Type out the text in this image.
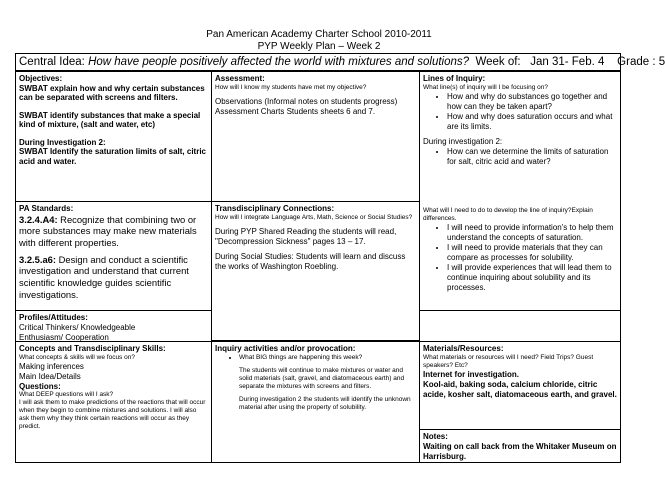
Pan American Academy Charter School 2010-2011
PYP Weekly Plan – Week 2
Central Idea: How have people positively affected the world with mixtures and solutions? Week of: Jan 31- Feb. 4 Grade : 5
Objectives:
SWBAT explain how and why certain substances can be separated with screens and filters.
SWBAT identify substances that make a special kind of mixture, (salt and water, etc)
During Investigation 2:
SWBAT Identify the saturation limits of salt, citric acid and water.
Assessment:
How will I know my students have met my objective?
Observations (Informal notes on students progress)
Assessment Charts Students sheets 6 and 7.
Lines of Inquiry:
What line(s) of inquiry will I be focusing on?
• How and why do substances go together and how can they be taken apart?
• How and why does saturation occurs and what are its limits.
During investigation 2:
• How can we determine the limits of saturation for salt, citric acid and water?
What will I need to do to develop the line of inquiry?Explain differences.
• I will need to provide information's to help them understand the concepts of saturation.
• I will need to provide materials that they can compare as processes for solubility.
• I will provide experiences that will lead them to continue inquiring about solubility and its processes.
PA Standards:
3.2.4.A4: Recognize that combining two or more substances may make new materials with different properties.
3.2.5.a6: Design and conduct a scientific investigation and understand that current scientific knowledge guides scientific investigations.
Transdisciplinary Connections:
How will I integrate Language Arts, Math, Science or Social Studies?
During PYP Shared Reading the students will read, "Decompression Sickness" pages 13 – 17.
During Social Studies: Students will learn and discuss the works of Washington Roebling.
Profiles/Attitudes:
Critical Thinkers/ Knowledgeable
Enthusiasm/ Cooperation
Concepts and Transdisciplinary Skills:
What concepts & skills will we focus on?
Making inferences
Main Idea/Details
Questions:
What DEEP questions will I ask?
I will ask them to make predictions of the reactions that will occur when they begin to combine mixtures and solutions. I will also ask them why they think certain reactions will occur as they predict.
Inquiry activities and/or provocation:
• What BIG things are happening this week?
The students will continue to make mixtures or water and solid materials (salt, gravel, and diatomaceous earth) and separate the mixtures with screens and filters.
During investigation 2 the students will identify the unknown material after using the property of solubility.
Materials/Resources:
What materials or resources will I need? Field Trips? Guest speakers? Etc?
Internet for investigation.
Kool-aid, baking soda, calcium chloride, citric acide, kosher salt, diatomaceous earth, and gravel.
Notes:
Waiting on call back from the Whitaker Museum on Harrisburg.
